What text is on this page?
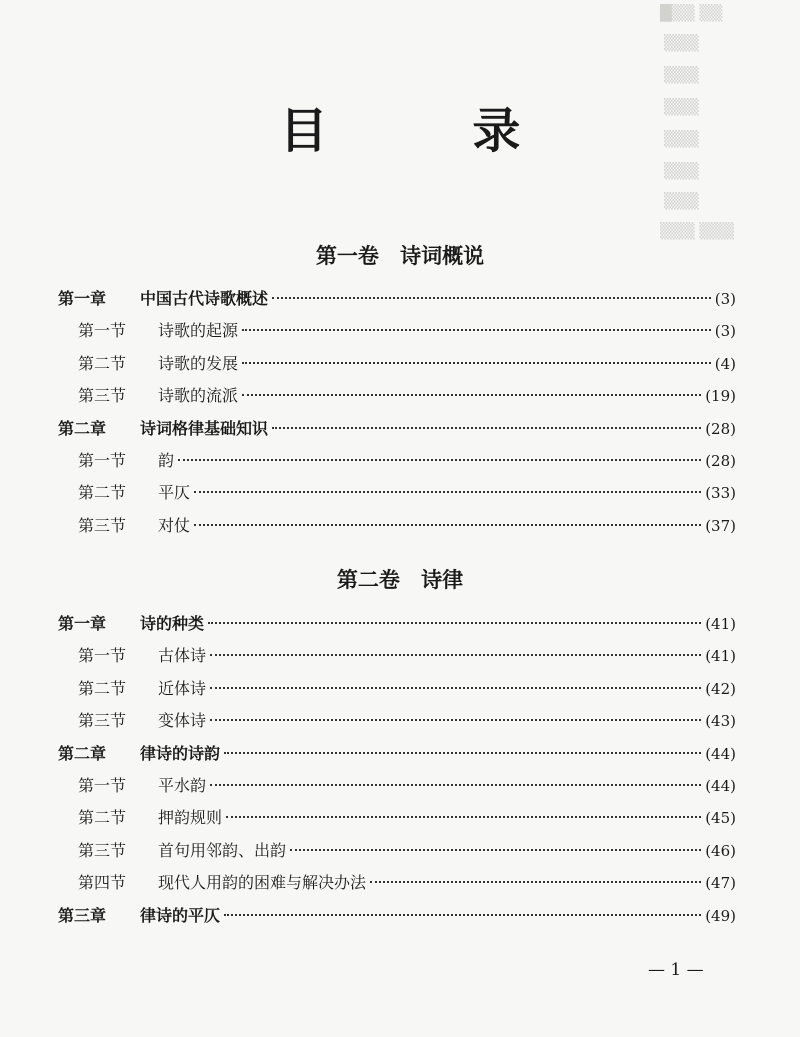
█▒▒ ▒▒
▒▒▒
▒▒▒
▒▒▒
▒▒▒
▒▒▒
▒▒▒
▒▒▒ ▒▒▒
目 录
第一卷 诗词概说
第一章	中国古代诗歌概述	(3)
第一节	诗歌的起源	(3)
第二节	诗歌的发展	(4)
第三节	诗歌的流派	(19)
第二章	诗词格律基础知识	(28)
第一节	韵	(28)
第二节	平仄	(33)
第三节	对仗	(37)
第二卷 诗律
第一章	诗的种类	(41)
第一节	古体诗	(41)
第二节	近体诗	(42)
第三节	变体诗	(43)
第二章	律诗的诗韵	(44)
第一节	平水韵	(44)
第二节	押韵规则	(45)
第三节	首句用邻韵、出韵	(46)
第四节	现代人用韵的困难与解决办法	(47)
第三章	律诗的平仄	(49)
— 1 —
